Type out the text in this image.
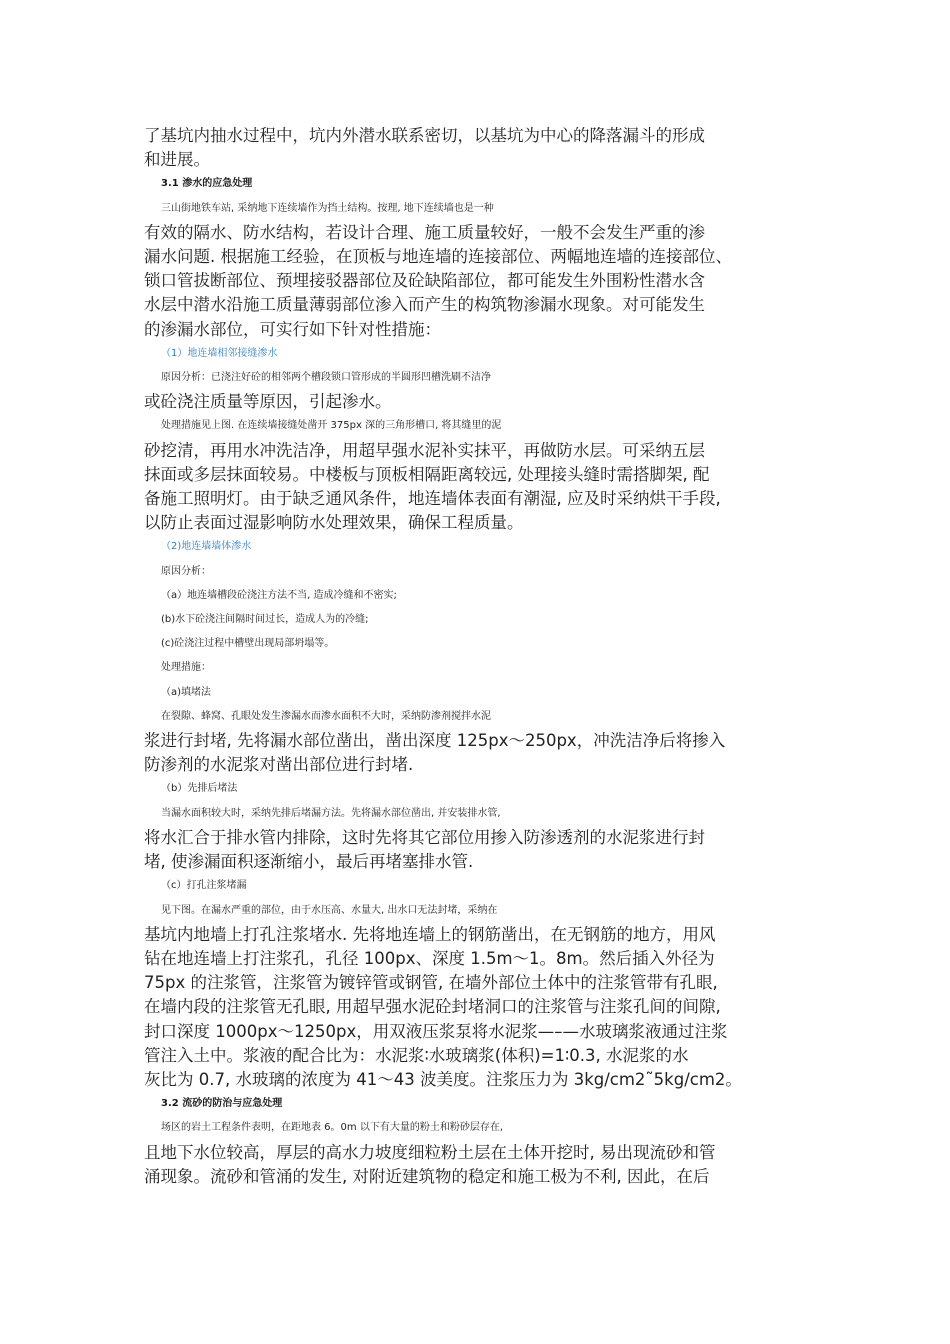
了基坑内抽水过程中，坑内外潜水联系密切，以基坑为中心的降落漏斗的形成
和进展。
3.1 渗水的应急处理
三山街地铁车站, 采纳地下连续墙作为挡土结构。按理, 地下连续墙也是一种
有效的隔水、防水结构，若设计合理、施工质量较好，一般不会发生严重的渗
漏水问题. 根据施工经验，在顶板与地连墙的连接部位、两幅地连墙的连接部位、
锁口管拔断部位、预埋接驳器部位及砼缺陷部位，都可能发生外围粉性潜水含
水层中潜水沿施工质量薄弱部位渗入而产生的构筑物渗漏水现象。对可能发生
的渗漏水部位，可实行如下针对性措施：
（1）地连墙相邻接缝渗水
原因分析：已浇注好砼的相邻两个槽段锁口管形成的半圆形凹槽洗刷不洁净
或砼浇注质量等原因，引起渗水。
处理措施见上图. 在连续墙接缝处凿开 375px 深的三角形槽口, 将其缝里的泥
砂挖清，再用水冲洗洁净，用超早强水泥补实抹平，再做防水层。可采纳五层
抹面或多层抹面较易。中楼板与顶板相隔距离较远, 处理接头缝时需搭脚架, 配
备施工照明灯。由于缺乏通风条件，地连墙体表面有潮湿, 应及时采纳烘干手段,
以防止表面过湿影响防水处理效果，确保工程质量。
（2)地连墙墙体渗水
原因分析：
（a）地连墙槽段砼浇注方法不当, 造成冷缝和不密实;
(b)水下砼浇注间隔时间过长，造成人为的冷缝;
(c)砼浇注过程中槽壁出现局部坍塌等。
处理措施：
（a)填堵法
在裂隙、蜂窝、孔眼处发生渗漏水而渗水面积不大时，采纳防渗剂搅拌水泥
浆进行封堵, 先将漏水部位凿出，凿出深度 125px～250px，冲洗洁净后将掺入
防渗剂的水泥浆对凿出部位进行封堵.
（b）先排后堵法
当漏水面积较大时，采纳先排后堵漏方法。先将漏水部位凿出, 并安装排水管,
将水汇合于排水管内排除，这时先将其它部位用掺入防渗透剂的水泥浆进行封
堵, 使渗漏面积逐渐缩小，最后再堵塞排水管.
（c）打孔注浆堵漏
见下图。在漏水严重的部位，由于水压高、水量大, 出水口无法封堵，采纳在
基坑内地墙上打孔注浆堵水. 先将地连墙上的钢筋凿出，在无钢筋的地方，用风
钻在地连墙上打注浆孔，孔径 100px、深度 1.5m～1。8m。然后插入外径为
75px 的注浆管，注浆管为镀锌管或钢管, 在墙外部位土体中的注浆管带有孔眼,
在墙内段的注浆管无孔眼, 用超早强水泥砼封堵洞口的注浆管与注浆孔间的间隙,
封口深度 1000px～1250px，用双液压浆泵将水泥浆—–—水玻璃浆液通过注浆
管注入土中。浆液的配合比为：水泥浆∶水玻璃浆(体积)=1∶0.3, 水泥浆的水
灰比为 0.7, 水玻璃的浓度为 41～43 波美度。注浆压力为 3kg/cm2˜5kg/cm2。
3.2 流砂的防治与应急处理
场区的岩土工程条件表明，在距地表 6。0m 以下有大量的粉土和粉砂层存在,
且地下水位较高，厚层的高水力坡度细粒粉土层在土体开挖时, 易出现流砂和管
涌现象。流砂和管涌的发生, 对附近建筑物的稳定和施工极为不利, 因此，在后
